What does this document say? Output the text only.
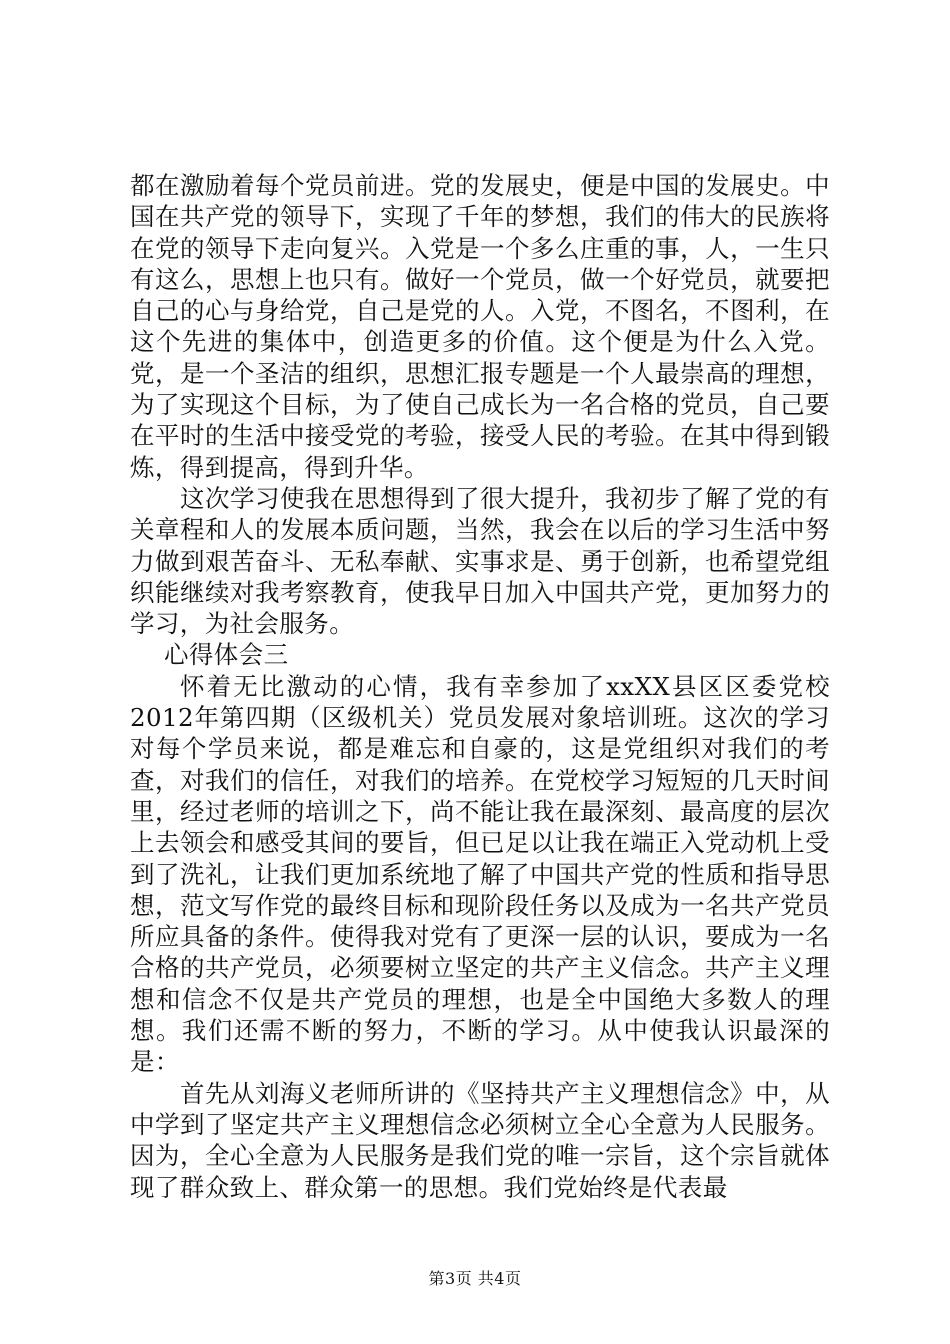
都在激励着每个党员前进。党的发展史，便是中国的发展史。中国在共产党的领导下，实现了千年的梦想，我们的伟大的民族将在党的领导下走向复兴。入党是一个多么庄重的事，人，一生只有这么，思想上也只有。做好一个党员，做一个好党员，就要把自己的心与身给党，自己是党的人。入党，不图名，不图利，在这个先进的集体中，创造更多的价值。这个便是为什么入党。党，是一个圣洁的组织，思想汇报专题是一个人最崇高的理想，为了实现这个目标，为了使自己成长为一名合格的党员，自己要在平时的生活中接受党的考验，接受人民的考验。在其中得到锻炼，得到提高，得到升华。

这次学习使我在思想得到了很大提升，我初步了解了党的有关章程和人的发展本质问题，当然，我会在以后的学习生活中努力做到艰苦奋斗、无私奉献、实事求是、勇于创新，也希望党组织能继续对我考察教育，使我早日加入中国共产党，更加努力的学习，为社会服务。

心得体会三

怀着无比激动的心情，我有幸参加了xxXX县区区委党校2012年第四期（区级机关）党员发展对象培训班。这次的学习对每个学员来说，都是难忘和自豪的，这是党组织对我们的考查，对我们的信任，对我们的培养。在党校学习短短的几天时间里，经过老师的培训之下，尚不能让我在最深刻、最高度的层次上去领会和感受其间的要旨，但已足以让我在端正入党动机上受到了洗礼，让我们更加系统地了解了中国共产党的性质和指导思想，范文写作党的最终目标和现阶段任务以及成为一名共产党员所应具备的条件。使得我对党有了更深一层的认识，要成为一名合格的共产党员，必须要树立坚定的共产主义信念。共产主义理想和信念不仅是共产党员的理想，也是全中国绝大多数人的理想。我们还需不断的努力，不断的学习。从中使我认识最深的是：

首先从刘海义老师所讲的《坚持共产主义理想信念》中，从中学到了坚定共产主义理想信念必须树立全心全意为人民服务。因为，全心全意为人民服务是我们党的唯一宗旨，这个宗旨就体现了群众致上、群众第一的思想。我们党始终是代表最

第3页 共4页
